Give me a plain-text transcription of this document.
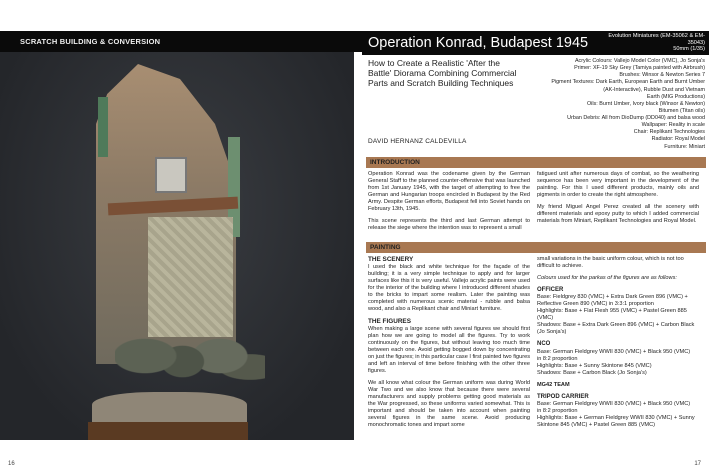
SCRATCH BUILDING & CONVERSION
16
Operation Konrad, Budapest 1945	Evolution Miniatures (EM-35062 & EM-35043)
50mm (1/35)
How to Create a Realistic 'After the Battle' Diorama Combining Commercial Parts and Scratch Building Techniques
Acrylic Colours: Vallejo Model Color (VMC), Jo Sonja's
Primer: XF-19 Sky Grey (Tamiya painted with Airbrush)
Brushes: Winsor & Newton Series 7
Pigment Textures: Dark Earth, European Earth and Burnt Umber
(AK-Interactive), Rubble Dust and Vietnam
Earth (MIG Productions)
Oils: Burnt Umber, Ivory black (Winsor & Newton)
Bitumen (Titan oils)
Urban Debris: All from DioDump (DD040) and balsa wood
Wallpaper: Reality in scale
Chair: Replikant Technologies
Radiator: Royal Model
Furniture: Miniart
DAVID HERNANZ CALDEVILLA
INTRODUCTION

Operation Konrad was the codename given by the German General Staff to the planned counter-offensive that was launched from 1st January 1945, with the target of attempting to free the German and Hungarian troops encircled in Budapest by the Red Army. Despite German efforts, Budapest fell into Soviet hands on February 13th, 1945.

This scene represents the third and last German attempt to release the siege where the intention was to represent a small

fatigued unit after numerous days of combat, so the weathering sequence has been very important in the development of the painting. For this I used different products, mainly oils and pigments in order to create the right atmosphere.

My friend Miguel Angel Perez created all the scenery with different materials and epoxy putty to which I added commercial materials from Miniart, Replikant Technologies and Royal Model.

PAINTING
THE SCENERY

I used the black and white technique for the façade of the building; it is a very simple technique to apply and for larger surfaces like this it is very useful. Vallejo acrylic paints were used for the interior of the building where I introduced different shades to the bricks to impart some realism. Later the painting was completed with numerous scenic material - rubble and balsa wood, and also a Replikant chair and Miniart furniture.

THE FIGURES

When making a large scene with several figures we should first plan how we are going to model all the figures. Try to work continuously on the figures, but without leaving too much time between each one. Avoid getting bogged down by concentrating on just the figures; in this particular case I first painted two figures and left an interval of time before finishing with the other three figures.

We all know what colour the German uniform was during World War Two and we also know that because there were several manufacturers and supply problems getting good materials as the War progressed, so these uniforms varied somewhat. This is important and should be taken into account when painting several figures in the same scene. Avoid producing monochromatic tones and impart some

small variations in the basic uniform colour, which is not too difficult to achieve.

Colours used for the parkas of the figures are as follows:

OFFICER
Base: Fieldgrey 830 (VMC) + Extra Dark Green 896 (VMC) + Reflective Green 890 (VMC) in 3:3:1 proportion
Highlights: Base + Flat Flesh 955 (VMC) + Pastel Green 885 (VMC)

Shadows: Base + Extra Dark Green 896 (VMC) + Carbon Black (Jo Sonja's)

NCO
Base: German Fieldgrey WWII 830 (VMC) + Black 950 (VMC) in 8:2 proportion
Highlights: Base + Sunny Skintone 845 (VMC)

Shadows: Base + Carbon Black (Jo Sonja's)

MG42 TEAM

TRIPOD CARRIER
Base: German Fieldgrey WWII 830 (VMC) + Black 950 (VMC) in 8:2 proportion
Highlights: Base + German Fieldgrey WWII 830 (VMC) + Sunny Skintone 845 (VMC) + Pastel Green 885 (VMC)
17
